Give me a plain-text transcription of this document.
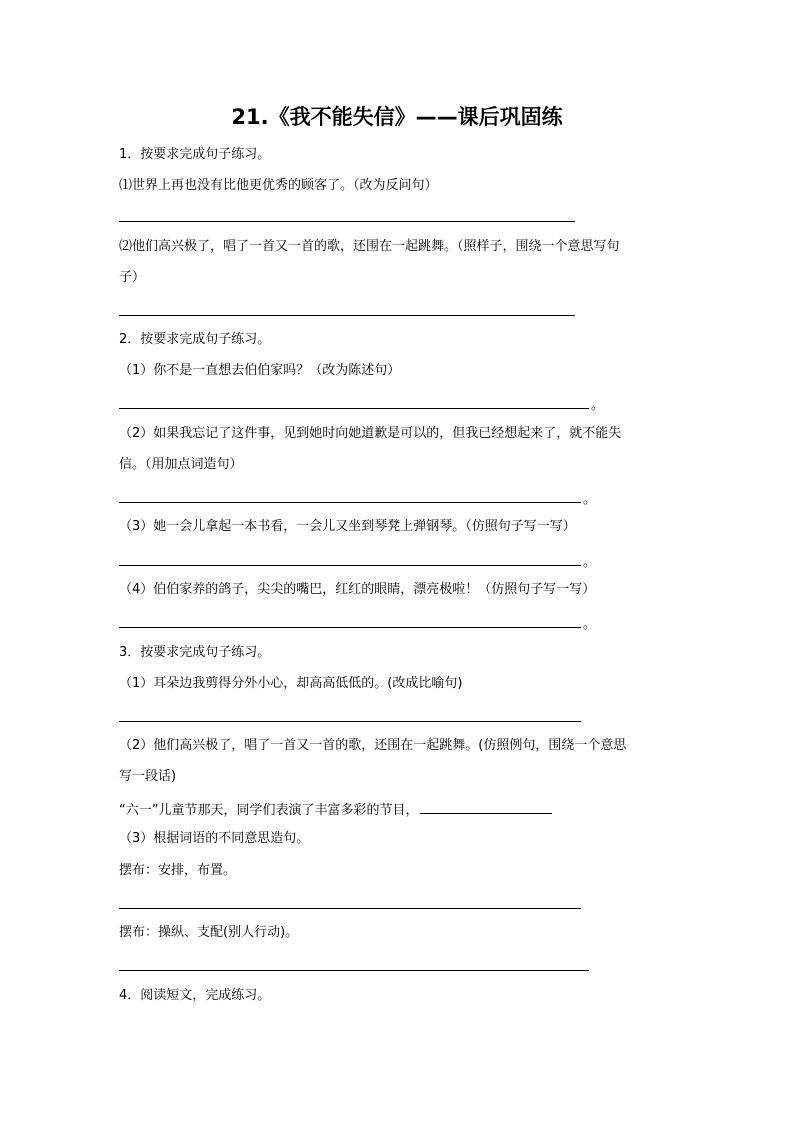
21.《我不能失信》——课后巩固练
1．按要求完成句子练习。
⑴世界上再也没有比他更优秀的顾客了。（改为反问句）
⑵他们高兴极了，唱了一首又一首的歌，还围在一起跳舞。（照样子，围绕一个意思写句
子）
2．按要求完成句子练习。
（1）你不是一直想去伯伯家吗？（改为陈述句）
。
（2）如果我忘记了这件事，见到她时向她道歉是可以的，但我已经想起来了，就不能失
信。（用加点词造句）
。
（3）她一会儿拿起一本书看，一会儿又坐到琴凳上弹钢琴。（仿照句子写一写）
。
（4）伯伯家养的鸽子，尖尖的嘴巴，红红的眼睛，漂亮极啦！（仿照句子写一写）
。
3．按要求完成句子练习。
（1）耳朵边我剪得分外小心，却高高低低的。(改成比喻句)
（2）他们高兴极了，唱了一首又一首的歌，还围在一起跳舞。(仿照例句，围绕一个意思
写一段话)
“六一”儿童节那天，同学们表演了丰富多彩的节目，
（3）根据词语的不同意思造句。
摆布：安排，布置。
摆布：操纵、支配(别人行动)。
4．阅读短文，完成练习。
